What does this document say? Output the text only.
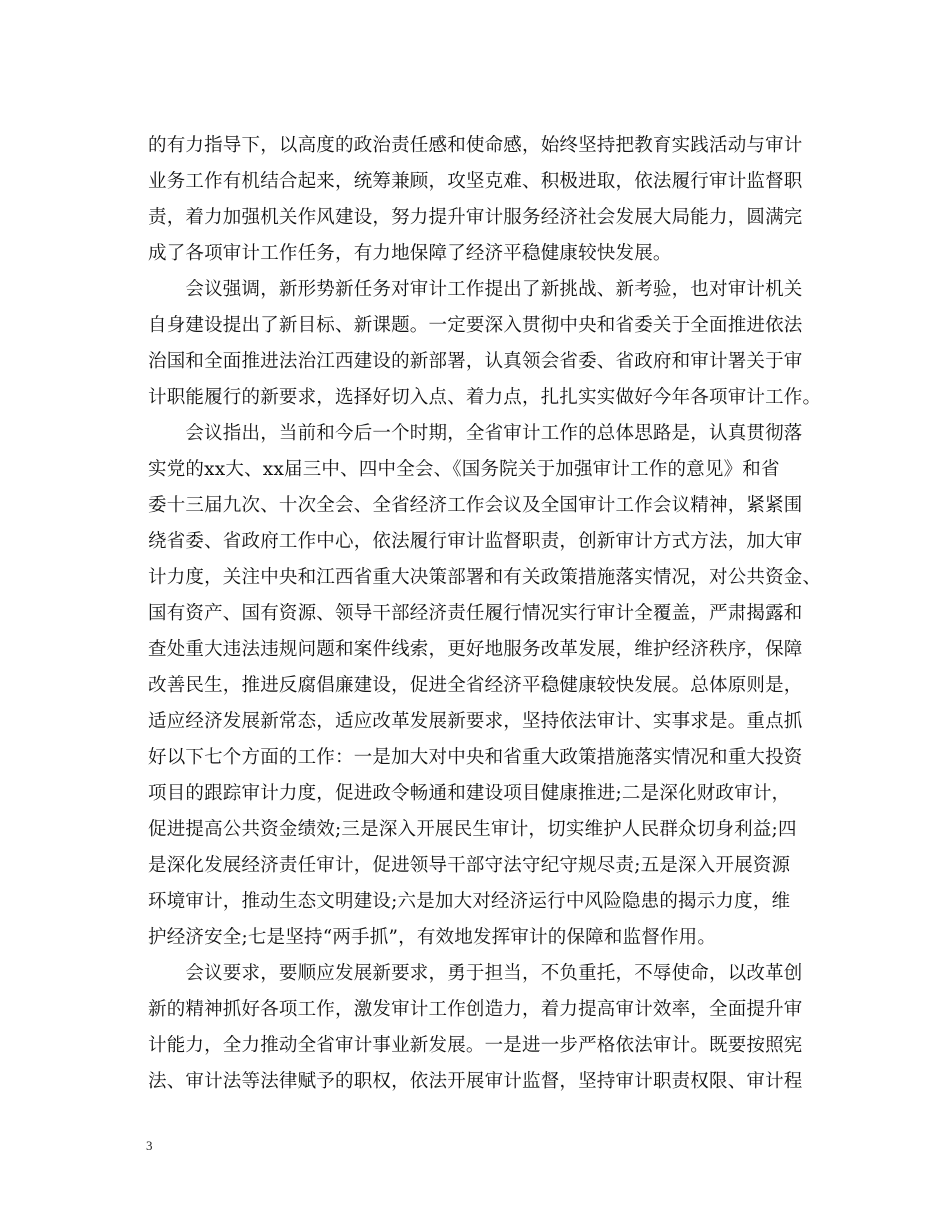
的有力指导下，以高度的政治责任感和使命感，始终坚持把教育实践活动与审计
业务工作有机结合起来，统筹兼顾，攻坚克难、积极进取，依法履行审计监督职
责，着力加强机关作风建设，努力提升审计服务经济社会发展大局能力，圆满完
成了各项审计工作任务，有力地保障了经济平稳健康较快发展。
　　会议强调，新形势新任务对审计工作提出了新挑战、新考验，也对审计机关
自身建设提出了新目标、新课题。一定要深入贯彻中央和省委关于全面推进依法
治国和全面推进法治江西建设的新部署，认真领会省委、省政府和审计署关于审
计职能履行的新要求，选择好切入点、着力点，扎扎实实做好今年各项审计工作。
　　会议指出，当前和今后一个时期，全省审计工作的总体思路是，认真贯彻落
实党的xx大、xx届三中、四中全会、《国务院关于加强审计工作的意见》和省
委十三届九次、十次全会、全省经济工作会议及全国审计工作会议精神，紧紧围
绕省委、省政府工作中心，依法履行审计监督职责，创新审计方式方法，加大审
计力度，关注中央和江西省重大决策部署和有关政策措施落实情况，对公共资金、
国有资产、国有资源、领导干部经济责任履行情况实行审计全覆盖，严肃揭露和
查处重大违法违规问题和案件线索，更好地服务改革发展，维护经济秩序，保障
改善民生，推进反腐倡廉建设，促进全省经济平稳健康较快发展。总体原则是，
适应经济发展新常态，适应改革发展新要求，坚持依法审计、实事求是。重点抓
好以下七个方面的工作：一是加大对中央和省重大政策措施落实情况和重大投资
项目的跟踪审计力度，促进政令畅通和建设项目健康推进;二是深化财政审计，
促进提高公共资金绩效;三是深入开展民生审计，切实维护人民群众切身利益;四
是深化发展经济责任审计，促进领导干部守法守纪守规尽责;五是深入开展资源
环境审计，推动生态文明建设;六是加大对经济运行中风险隐患的揭示力度，维
护经济安全;七是坚持“两手抓”，有效地发挥审计的保障和监督作用。
　　会议要求，要顺应发展新要求，勇于担当，不负重托，不辱使命，以改革创
新的精神抓好各项工作，激发审计工作创造力，着力提高审计效率，全面提升审
计能力，全力推动全省审计事业新发展。一是进一步严格依法审计。既要按照宪
法、审计法等法律赋予的职权，依法开展审计监督，坚持审计职责权限、审计程
3
